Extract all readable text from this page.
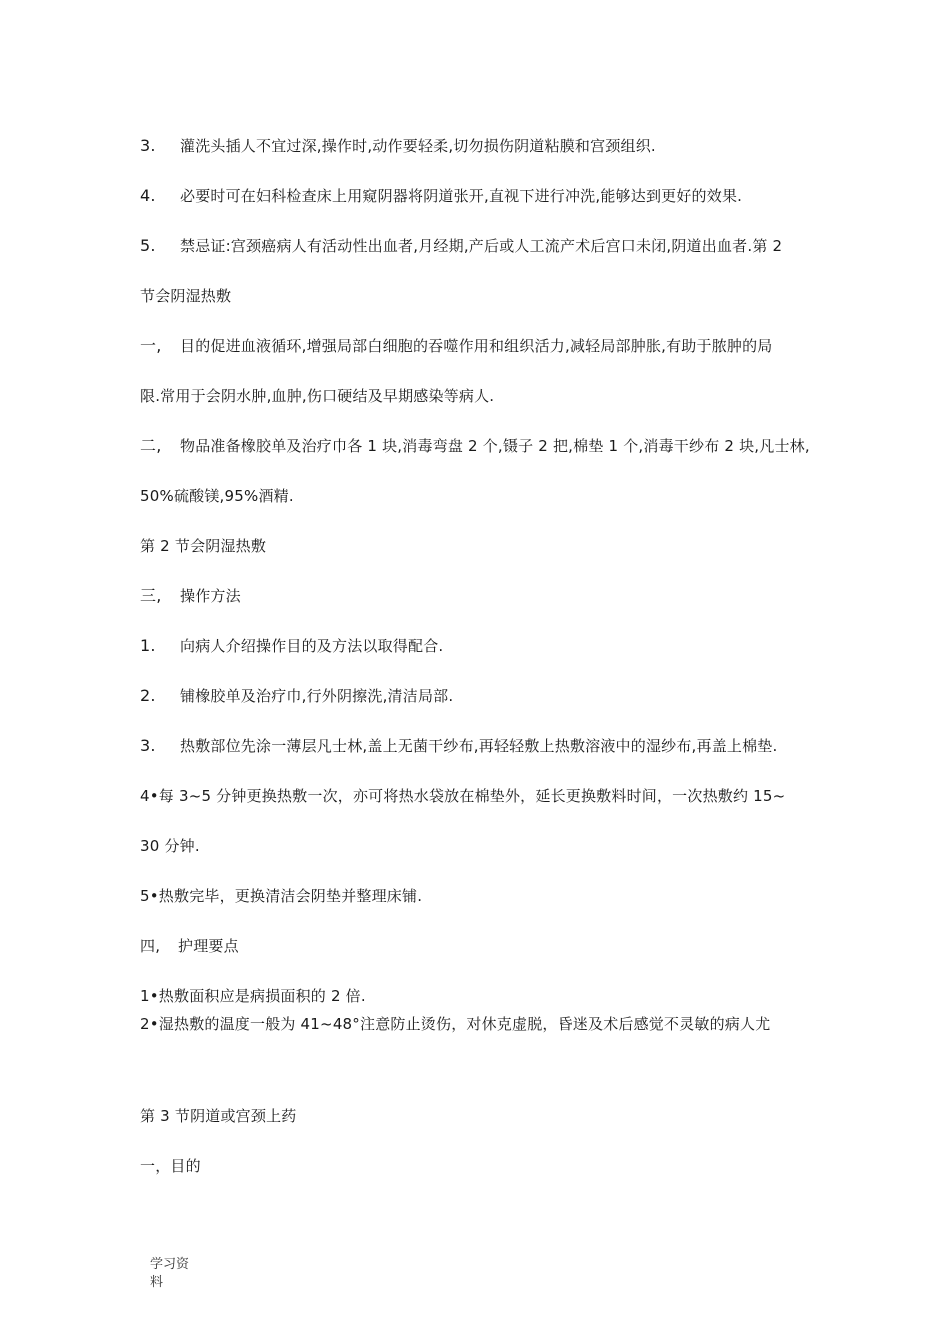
3. 灌洗头插人不宜过深,操作时,动作要轻柔,切勿损伤阴道粘膜和宫颈组织.
4. 必要时可在妇科检查床上用窥阴器将阴道张开,直视下进行冲洗,能够达到更好的效果.
5. 禁忌证:宫颈癌病人有活动性出血者,月经期,产后或人工流产术后宫口未闭,阴道出血者.第 2
节会阴湿热敷
一, 目的促进血液循环,增强局部白细胞的吞噬作用和组织活力,减轻局部肿胀,有助于脓肿的局
限.常用于会阴水肿,血肿,伤口硬结及早期感染等病人.
二, 物品准备橡胶单及治疗巾各 1 块,消毒弯盘 2 个,镊子 2 把,棉垫 1 个,消毒干纱布 2 块,凡士林,
50%硫酸镁,95%酒精.
第 2 节会阴湿热敷
三, 操作方法
1. 向病人介绍操作目的及方法以取得配合.
2. 铺橡胶单及治疗巾,行外阴擦洗,清洁局部.
3. 热敷部位先涂一薄层凡士林,盖上无菌干纱布,再轻轻敷上热敷溶液中的湿纱布,再盖上棉垫.
4•每 3~5 分钟更换热敷一次，亦可将热水袋放在棉垫外，延长更换敷料时间，一次热敷约 15~
30 分钟.
5•热敷完毕，更换清洁会阴垫并整理床铺.
四, 护理要点
1•热敷面积应是病损面积的 2 倍.
2•湿热敷的温度一般为 41~48°注意防止烫伤，对休克虚脱，昏迷及术后感觉不灵敏的病人尤
第 3 节阴道或宫颈上药
一，目的
学习资
料
